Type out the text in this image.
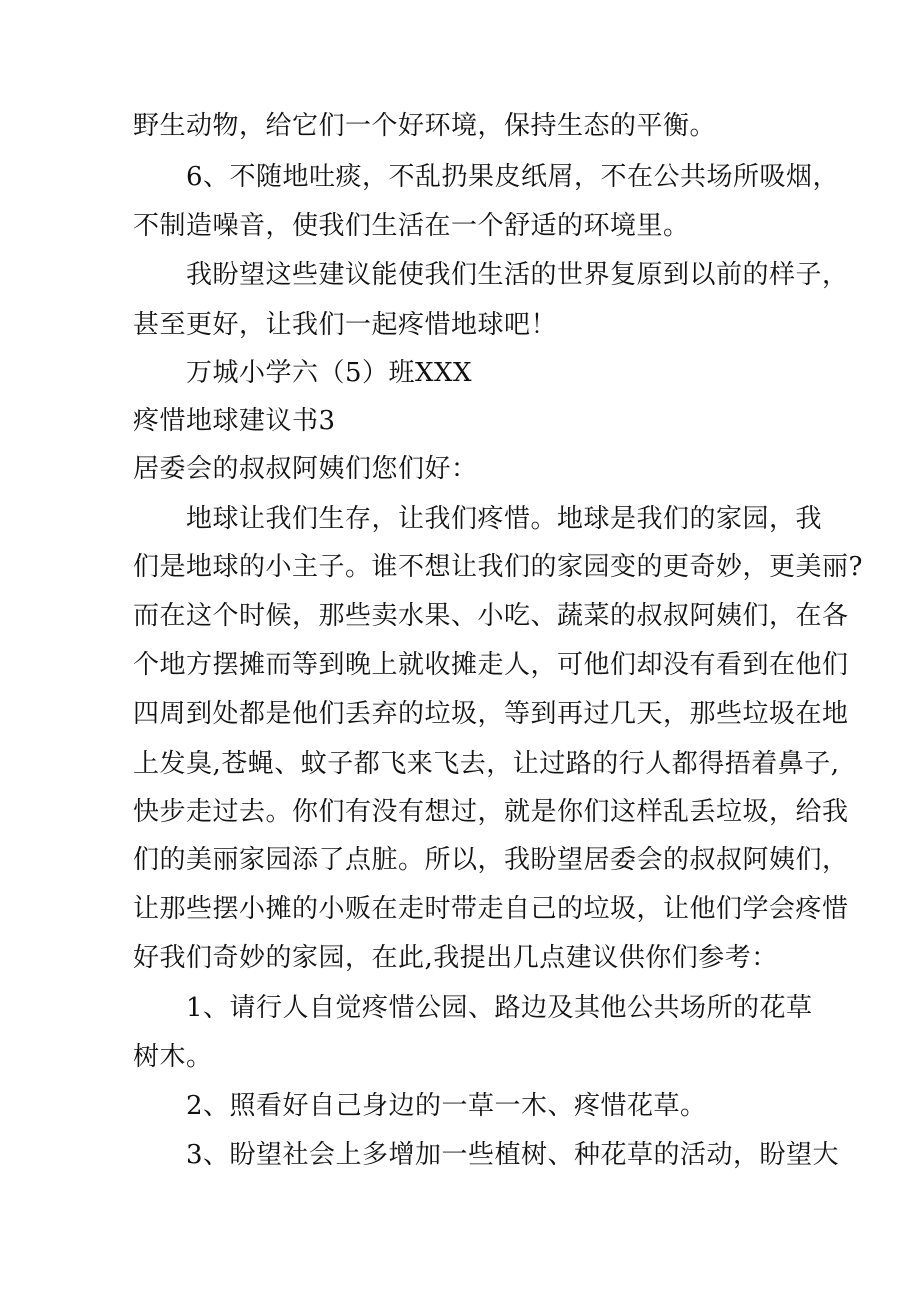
野生动物，给它们一个好环境，保持生态的平衡。
6、不随地吐痰，不乱扔果皮纸屑，不在公共场所吸烟，
不制造噪音，使我们生活在一个舒适的环境里。
我盼望这些建议能使我们生活的世界复原到以前的样子，
甚至更好，让我们一起疼惜地球吧！
万城小学六（5）班XXX
疼惜地球建议书3
居委会的叔叔阿姨们您们好：
地球让我们生存，让我们疼惜。地球是我们的家园，我
们是地球的小主子。谁不想让我们的家园变的更奇妙，更美丽?
而在这个时候，那些卖水果、小吃、蔬菜的叔叔阿姨们，在各
个地方摆摊而等到晚上就收摊走人，可他们却没有看到在他们
四周到处都是他们丢弃的垃圾，等到再过几天，那些垃圾在地
上发臭,苍蝇、蚊子都飞来飞去，让过路的行人都得捂着鼻子,
快步走过去。你们有没有想过，就是你们这样乱丢垃圾，给我
们的美丽家园添了点脏。所以，我盼望居委会的叔叔阿姨们，
让那些摆小摊的小贩在走时带走自己的垃圾，让他们学会疼惜
好我们奇妙的家园，在此,我提出几点建议供你们参考：
1、请行人自觉疼惜公园、路边及其他公共场所的花草
树木。
2、照看好自己身边的一草一木、疼惜花草。
3、盼望社会上多增加一些植树、种花草的活动，盼望大
